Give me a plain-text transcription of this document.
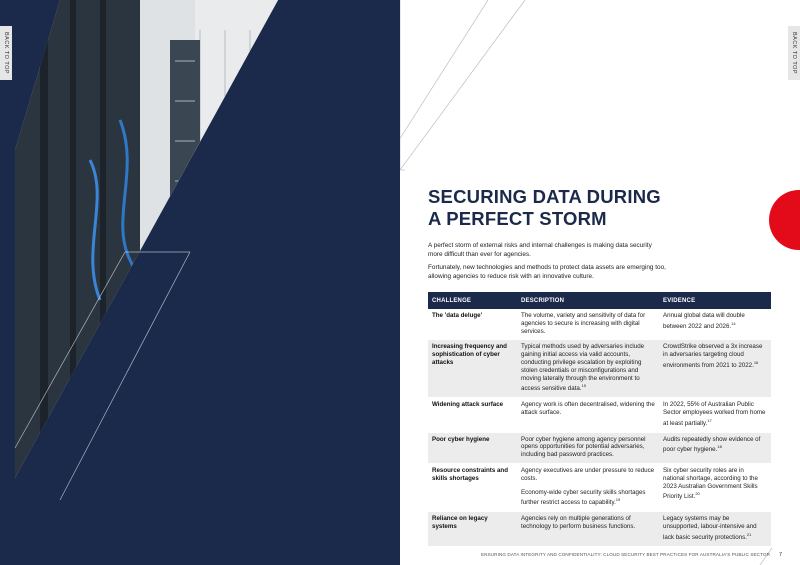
BACK TO TOP	BACK TO TOP
SECURING DATA DURING
A PERFECT STORM

A perfect storm of external risks and internal challenges is making data security more difficult than ever for agencies.

Fortunately, new technologies and methods to protect data assets are emerging too, allowing agencies to reduce risk with an innovative culture.

CHALLENGE	DESCRIPTION	EVIDENCE
The 'data deluge'	The volume, variety and sensitivity of data for agencies to secure is increasing with digital services.	Annual global data will double between 2022 and 2026.14
Increasing frequency and sophistication of cyber attacks	Typical methods used by adversaries include gaining initial access via valid accounts, conducting privilege escalation by exploiting stolen credentials or misconfigurations and moving laterally through the environment to access sensitive data.$^{15}$	CrowdStrike observed a 3x increase in adversaries targeting cloud environments from 2021 to 2022.16
Widening attack surface	Agency work is often decentralised, widening the attack surface.	In 2022, 55% of Australian Public Sector employees worked from home at least partially.$^{17}$
Poor cyber hygiene	Poor cyber hygiene among agency personnel opens opportunities for potential adversaries, including bad password practices.	Audits repeatedly show evidence of poor cyber hygiene.$^{18}$
Resource constraints and skills shortages	Agency executives are under pressure to reduce costs.

Economy-wide cyber security skills shortages further restrict access to capability.$^{19}$	Six cyber security roles are in national shortage, according to the 2023 Australian Government Skills Priority List.$^{20}$
Reliance on legacy systems	Agencies rely on multiple generations of technology to perform business functions.	Legacy systems may be unsupported, labour-intensive and lack basic security protections.$^{21}$
ENSURING DATA INTEGRITY AND CONFIDENTIALITY: CLOUD SECURITY BEST PRACTICES FOR AUSTRALIA'S PUBLIC SECTOR 7
